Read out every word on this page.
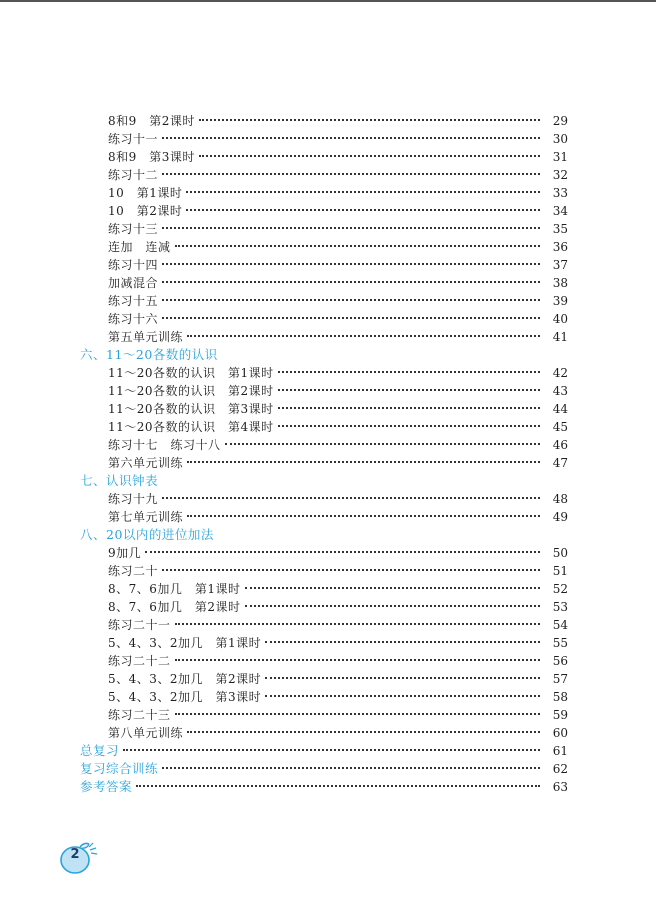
8和9　第2课时	29
练习十一	30
8和9　第3课时	31
练习十二	32
10　第1课时	33
10　第2课时	34
练习十三	35
连加　连减	36
练习十四	37
加减混合	38
练习十五	39
练习十六	40
第五单元训练	41
六、11～20各数的认识
11～20各数的认识　第1课时	42
11～20各数的认识　第2课时	43
11～20各数的认识　第3课时	44
11～20各数的认识　第4课时	45
练习十七　练习十八	46
第六单元训练	47
七、认识钟表
练习十九	48
第七单元训练	49
八、20以内的进位加法
9加几	50
练习二十	51
8、7、6加几　第1课时	52
8、7、6加几　第2课时	53
练习二十一	54
5、4、3、2加几　第1课时	55
练习二十二	56
5、4、3、2加几　第2课时	57
5、4、3、2加几　第3课时	58
练习二十三	59
第八单元训练	60
总复习	61
复习综合训练	62
参考答案	63
2
